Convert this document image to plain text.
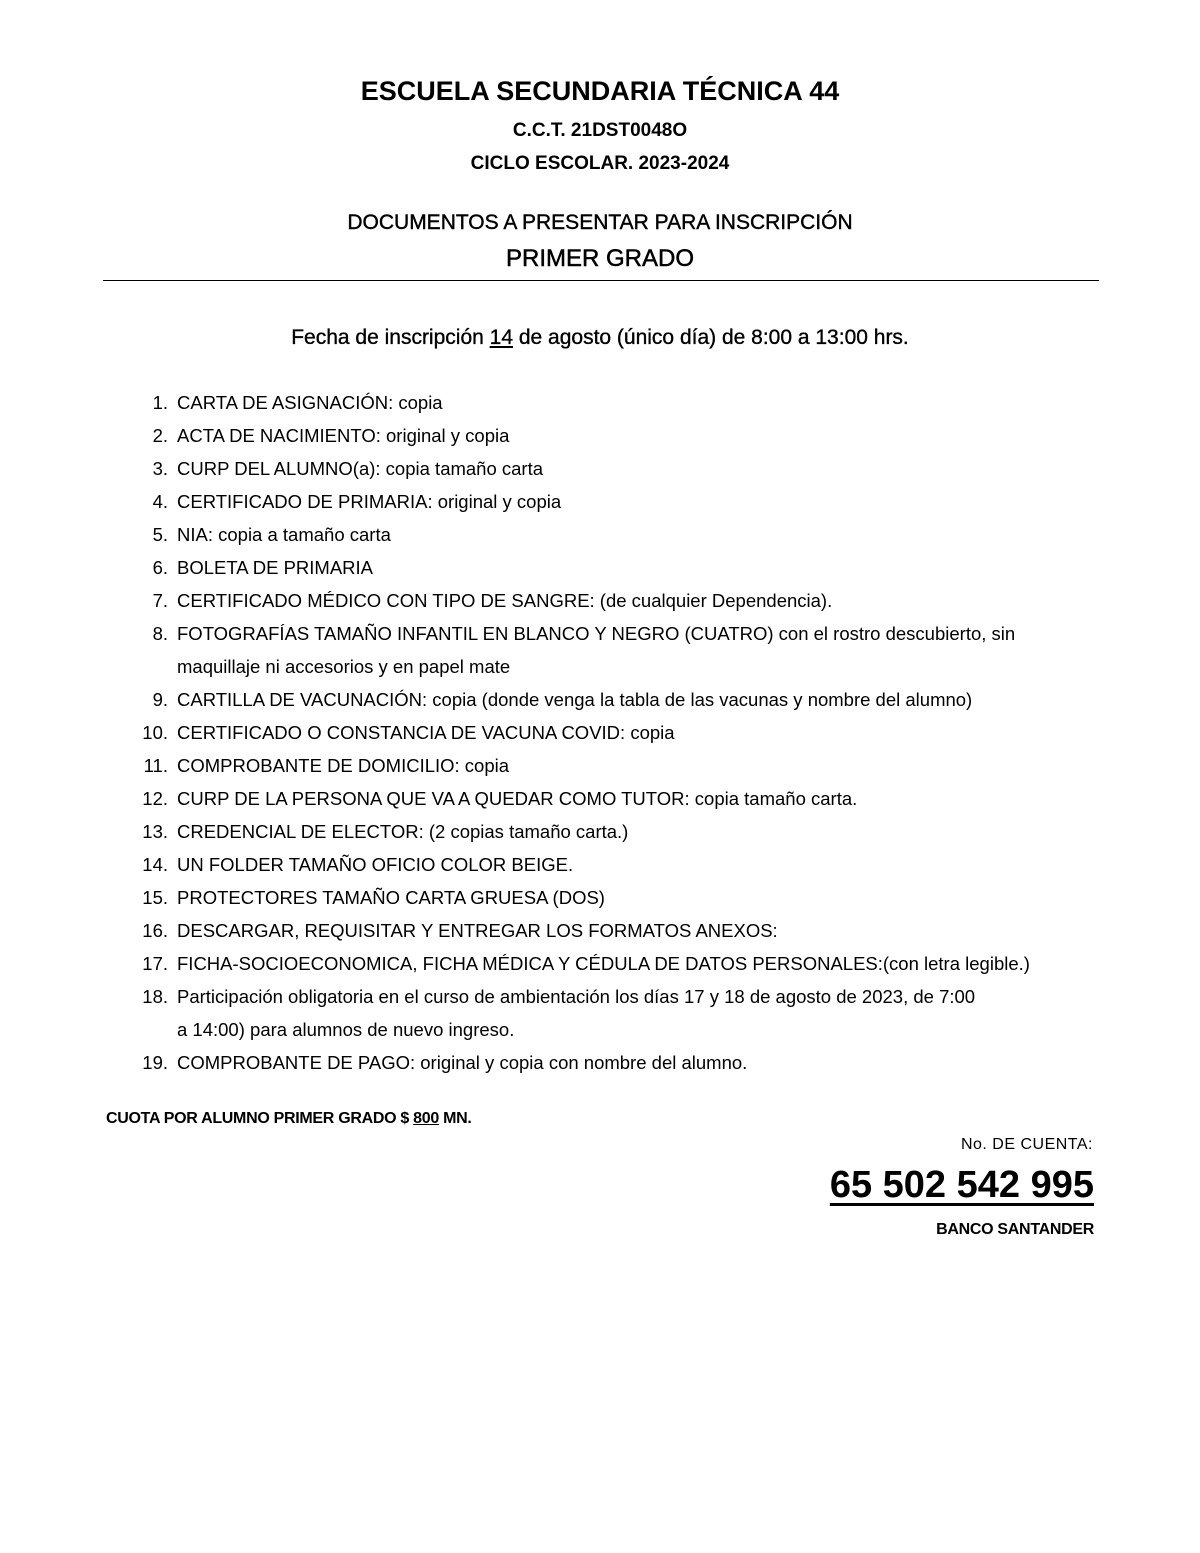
ESCUELA SECUNDARIA TÉCNICA 44
C.C.T. 21DST0048O
CICLO ESCOLAR. 2023-2024
DOCUMENTOS A PRESENTAR PARA INSCRIPCIÓN
PRIMER GRADO
Fecha de inscripción 14 de agosto (único día) de 8:00 a 13:00 hrs.
1. CARTA DE ASIGNACIÓN: copia
2. ACTA DE NACIMIENTO: original y copia
3. CURP DEL ALUMNO(a): copia tamaño carta
4. CERTIFICADO DE PRIMARIA: original y copia
5. NIA: copia a tamaño carta
6. BOLETA DE PRIMARIA
7. CERTIFICADO MÉDICO CON TIPO DE SANGRE: (de cualquier Dependencia).
8. FOTOGRAFÍAS TAMAÑO INFANTIL EN BLANCO Y NEGRO (CUATRO) con el rostro descubierto, sin
maquillaje ni accesorios y en papel mate
9. CARTILLA DE VACUNACIÓN: copia (donde venga la tabla de las vacunas y nombre del alumno)
10. CERTIFICADO O CONSTANCIA DE VACUNA COVID: copia
11. COMPROBANTE DE DOMICILIO: copia
12. CURP DE LA PERSONA QUE VA A QUEDAR COMO TUTOR: copia tamaño carta.
13. CREDENCIAL DE ELECTOR: (2 copias tamaño carta.)
14. UN FOLDER TAMAÑO OFICIO COLOR BEIGE.
15. PROTECTORES TAMAÑO CARTA GRUESA (DOS)
16. DESCARGAR, REQUISITAR Y ENTREGAR LOS FORMATOS ANEXOS:
17. FICHA-SOCIOECONOMICA, FICHA MÉDICA Y CÉDULA DE DATOS PERSONALES:(con letra legible.)
18. Participación obligatoria en el curso de ambientación los días 17 y 18 de agosto de 2023, de 7:00
a 14:00) para alumnos de nuevo ingreso.
19. COMPROBANTE DE PAGO: original y copia con nombre del alumno.
CUOTA POR ALUMNO PRIMER GRADO $ 800 MN.
No. DE CUENTA:
65 502 542 995
BANCO SANTANDER
